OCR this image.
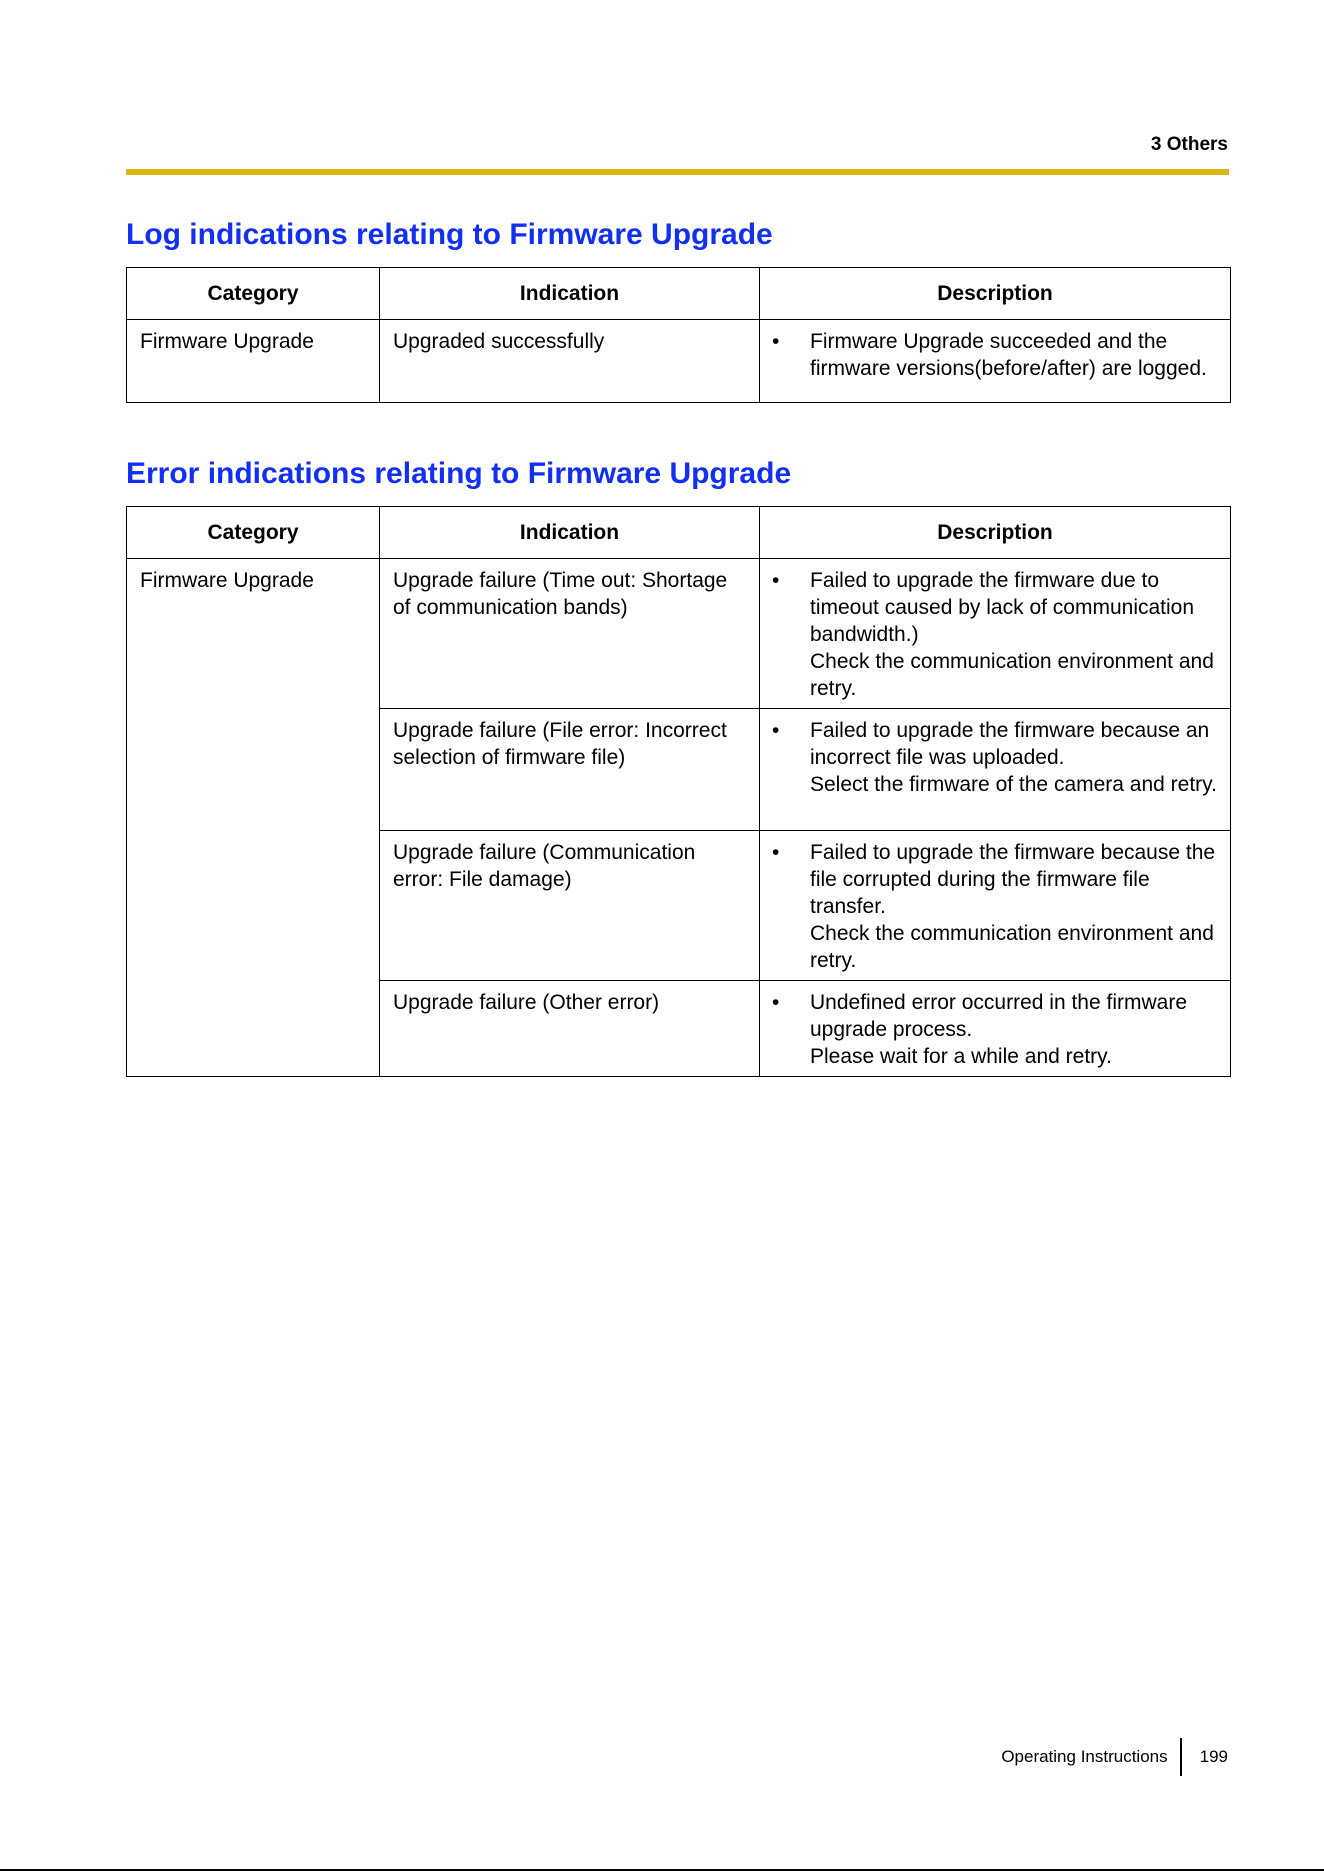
3 Others
Log indications relating to Firmware Upgrade
Category	Indication	Description
Firmware Upgrade	Upgraded successfully	• Firmware Upgrade succeeded and the firmware versions(before/after) are logged.
Error indications relating to Firmware Upgrade
Category	Indication	Description
Firmware Upgrade	Upgrade failure (Time out: Shortage of communication bands)	• Failed to upgrade the firmware due to timeout caused by lack of communication bandwidth.)
Check the communication environment and retry.

	Upgrade failure (File error: Incorrect selection of firmware file)	• Failed to upgrade the firmware because an incorrect file was uploaded.
Select the firmware of the camera and retry.

	Upgrade failure (Communication error: File damage)	• Failed to upgrade the firmware because the file corrupted during the firmware file transfer.
Check the communication environment and retry.

	Upgrade failure (Other error)	• Undefined error occurred in the firmware upgrade process.
Please wait for a while and retry.
Operating Instructions 199
